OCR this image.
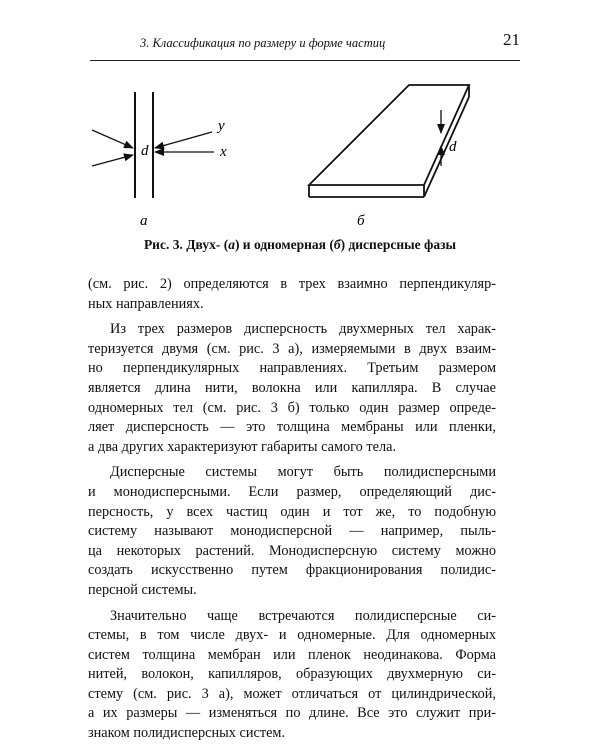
3. Классификация по размеру и форме частиц	21
d
y
x
а
d
б
Рис. 3. Двух- (а) и одномерная (б) дисперсные фазы

(см. рис. 2) определяются в трех взаимно перпендикуляр-
ных направлениях.

Из трех размеров дисперсность двухмерных тел харак-
теризуется двумя (см. рис. 3 а), измеряемыми в двух взаим-
но перпендикулярных направлениях. Третьим размером
является длина нити, волокна или капилляра. В случае
одномерных тел (см. рис. 3 б) только один размер опреде-
ляет дисперсность — это толщина мембраны или пленки,
а два других характеризуют габариты самого тела.

Дисперсные системы могут быть полидисперсными
и монодисперсными. Если размер, определяющий дис-
персность, у всех частиц один и тот же, то подобную
систему называют монодисперсной — например, пыль-
ца некоторых растений. Монодисперсную систему можно
создать искусственно путем фракционирования полидис-
персной системы.

Значительно чаще встречаются полидисперсные си-
стемы, в том числе двух- и одномерные. Для одномерных
систем толщина мембран или пленок неодинакова. Форма
нитей, волокон, капилляров, образующих двухмерную си-
стему (см. рис. 3 а), может отличаться от цилиндрической,
а их размеры — изменяться по длине. Все это служит при-
знаком полидисперсных систем.
